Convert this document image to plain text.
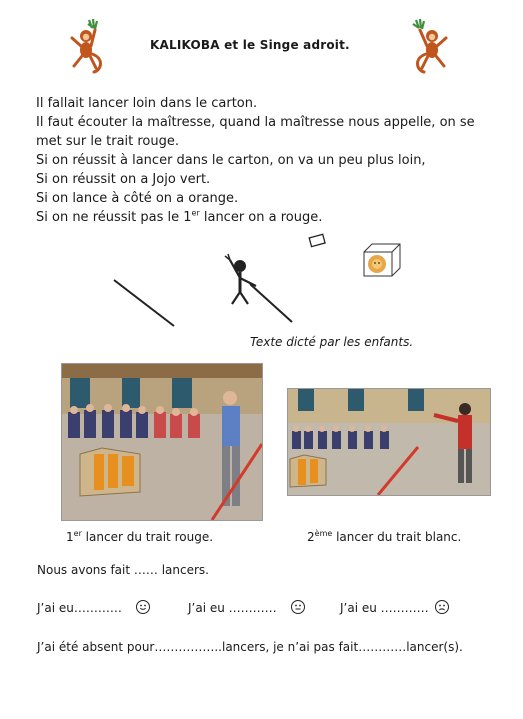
KALIKOBA et le Singe adroit.
Il fallait lancer loin dans le carton.
Il faut écouter la maîtresse, quand la maîtresse nous appelle, on se
met sur le trait rouge.
Si on réussit à lancer dans le carton, on va un peu plus loin,
Si on réussit on a Jojo vert.
Si on lance à côté on a orange.
Si on ne réussit pas le 1er lancer on a rouge.
Texte dicté par les enfants.
1er lancer du trait rouge.	2ème lancer du trait blanc.
Nous avons fait …… lancers.
J’ai eu…………	J’ai eu …………	J’ai eu …………
J’ai été absent pour……………..lancers, je n’ai pas fait…………lancer(s).
